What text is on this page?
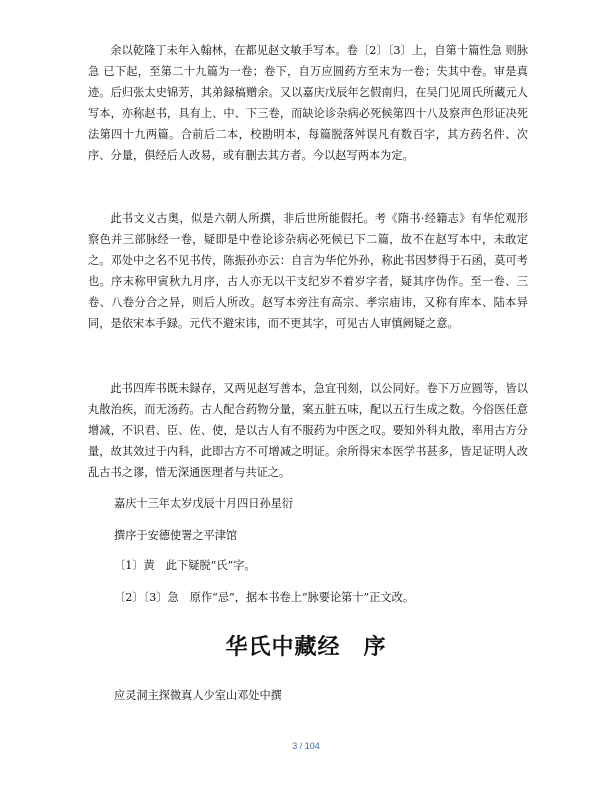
余以乾隆丁未年入翰林，在都见赵文敏手写本。卷〔2〕〔3〕上，自第十篇性急 则脉急 已下起，至第二十九篇为一卷；卷下，自万应圆药方至末为一卷；失其中卷。审是真迹。后归张太史锦芳，其弟録稿赠余。又以嘉庆戊辰年乞假南归，在吴门见周氏所藏元人写本，亦称赵书，具有上、中、下三卷，而缺论诊杂病必死候第四十八及察声色形证决死法第四十九两篇。合前后二本，校勘明本，每篇脱落舛误凡有数百字，其方药名件、次序、分量，俱经后人改易，或有删去其方者。今以赵写两本为定。

此书文义古奥，似是六朝人所撰，非后世所能假托。考《隋书·经籍志》有华佗观形察色并三部脉经一卷，疑即是中卷论诊杂病必死候已下二篇，故不在赵写本中，未敢定之。邓处中之名不见书传，陈振孙亦云：自言为华佗外孙，称此书因梦得于石函，莫可考也。序末称甲寅秋九月序，古人亦无以干支纪岁不着岁字者，疑其序伪作。至一卷、三卷、八卷分合之异，则后人所改。赵写本旁注有高宗、孝宗庙讳，又称有库本、陆本异同，是依宋本手録。元代不避宋讳，而不更其字，可见古人审慎阙疑之意。

此书四库书既未録存，又两见赵写善本，急宜刊刻，以公同好。卷下万应圆等，皆以丸散治疾，而无汤药。古人配合药物分量，案五脏五味，配以五行生成之数。今俗医任意增减，不识君、臣、佐、使，是以古人有不服药为中医之叹。要知外科丸散，率用古方分量，故其效过于内科，此即古方不可增减之明证。余所得宋本医学书甚多，皆足证明人改乱古书之谬，惜无深通医理者与共证之。

嘉庆十三年太岁戊辰十月四日孙星衍

撰序于安德使署之平津馆

〔1〕黄　此下疑脱“氏”字。

〔2〕〔3〕急　原作“忌”，据本书卷上“脉要论第十”正文改。

华氏中藏经　序

应灵洞主探微真人少室山邓处中撰

3 / 104
